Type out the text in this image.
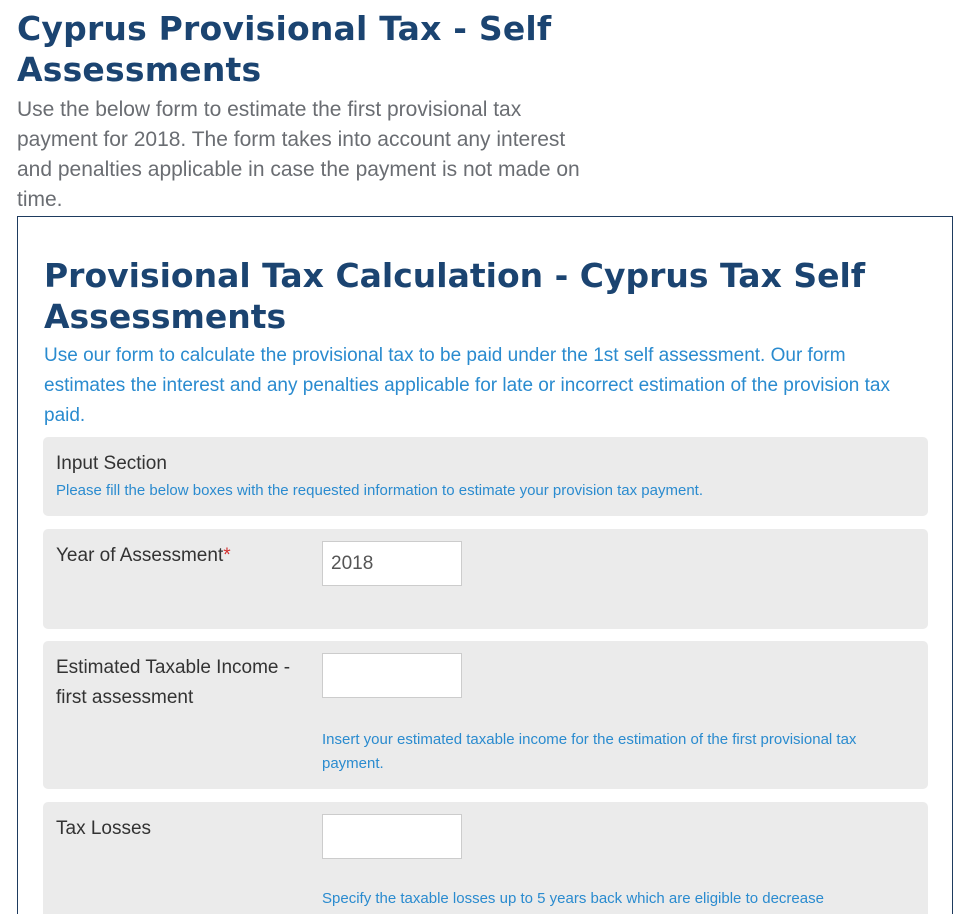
Cyprus Provisional Tax - Self Assessments

Use the below form to estimate the first provisional tax payment for 2018. The form takes into account any interest and penalties applicable in case the payment is not made on time.

Provisional Tax Calculation - Cyprus Tax Self Assessments

Use our form to calculate the provisional tax to be paid under the 1st self assessment. Our form estimates the interest and any penalties applicable for late or incorrect estimation of the provision tax paid.

Input Section

Please fill the below boxes with the requested information to estimate your provision tax payment.

Year of Assessment*
2018
Estimated Taxable Income - first assessment

Insert your estimated taxable income for the estimation of the first provisional tax payment.

Tax Losses

Specify the taxable losses up to 5 years back which are eligible to decrease
